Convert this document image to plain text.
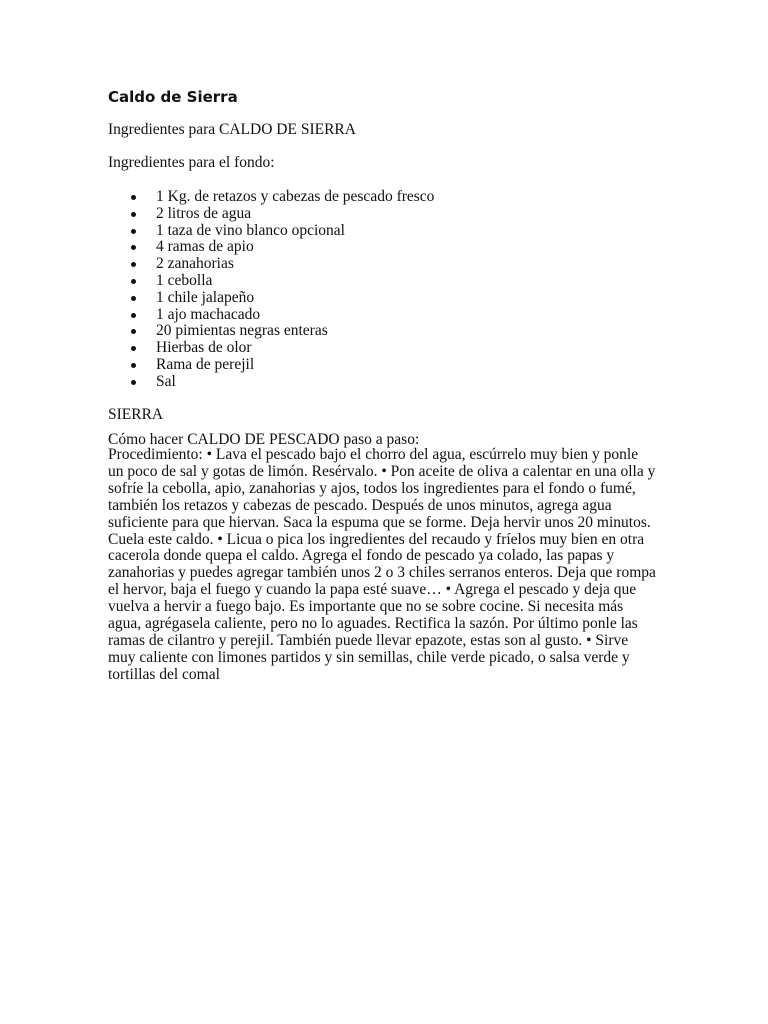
Caldo de Sierra

Ingredientes para CALDO DE SIERRA

Ingredientes para el fondo:

1 Kg. de retazos y cabezas de pescado fresco
2 litros de agua
1 taza de vino blanco opcional
4 ramas de apio
2 zanahorias
1 cebolla
1 chile jalapeño
1 ajo machacado
20 pimientas negras enteras
Hierbas de olor
Rama de perejil
Sal

SIERRA

Cómo hacer CALDO DE PESCADO paso a paso:

Procedimiento: • Lava el pescado bajo el chorro del agua, escúrrelo muy bien y ponle
un poco de sal y gotas de limón. Resérvalo. • Pon aceite de oliva a calentar en una olla y
sofríe la cebolla, apio, zanahorias y ajos, todos los ingredientes para el fondo o fumé,
también los retazos y cabezas de pescado. Después de unos minutos, agrega agua
suficiente para que hiervan. Saca la espuma que se forme. Deja hervir unos 20 minutos.
Cuela este caldo. • Licua o pica los ingredientes del recaudo y fríelos muy bien en otra
cacerola donde quepa el caldo. Agrega el fondo de pescado ya colado, las papas y
zanahorias y puedes agregar también unos 2 o 3 chiles serranos enteros. Deja que rompa
el hervor, baja el fuego y cuando la papa esté suave… • Agrega el pescado y deja que
vuelva a hervir a fuego bajo. Es importante que no se sobre cocine. Si necesita más
agua, agrégasela caliente, pero no lo aguades. Rectifica la sazón. Por último ponle las
ramas de cilantro y perejil. También puede llevar epazote, estas son al gusto. • Sirve
muy caliente con limones partidos y sin semillas, chile verde picado, o salsa verde y
tortillas del comal
